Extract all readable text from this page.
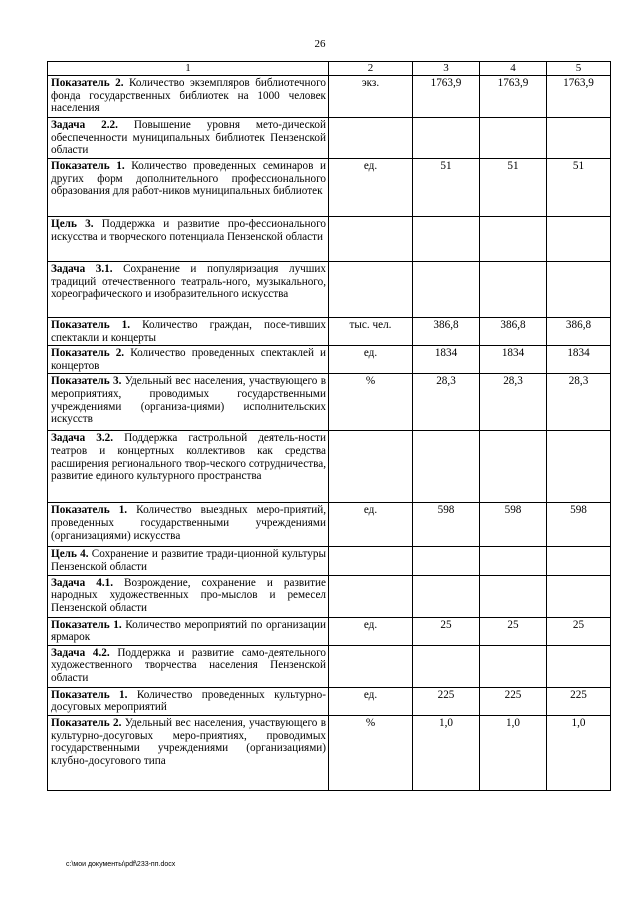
26
1	2	3	4	5
Показатель 2. Количество экземпляров библиотечного фонда государственных библиотек на 1000 человек населения	экз.	1763,9	1763,9	1763,9
Задача 2.2. Повышение уровня мето-дической обеспеченности муниципальных библиотек Пензенской области				
Показатель 1. Количество проведенных семинаров и других форм дополнительного профессионального образования для работ-ников муниципальных библиотек	ед.	51	51	51
Цель 3. Поддержка и развитие про-фессионального искусства и творческого потенциала Пензенской области				
Задача 3.1. Сохранение и популяризация лучших традиций отечественного театраль-ного, музыкального, хореографического и изобразительного искусства				
Показатель 1. Количество граждан, посе-тивших спектакли и концерты	тыс. чел.	386,8	386,8	386,8
Показатель 2. Количество проведенных спектаклей и концертов	ед.	1834	1834	1834
Показатель 3. Удельный вес населения, участвующего в мероприятиях, проводимых государственными учреждениями (организа-циями) исполнительских искусств	%	28,3	28,3	28,3
Задача 3.2. Поддержка гастрольной деятель-ности театров и концертных коллективов как средства расширения регионального твор-ческого сотрудничества, развитие единого культурного пространства				
Показатель 1. Количество выездных меро-приятий, проведенных государственными учреждениями (организациями) искусства	ед.	598	598	598
Цель 4. Сохранение и развитие тради-ционной культуры Пензенской области				
Задача 4.1. Возрождение, сохранение и развитие народных художественных про-мыслов и ремесел Пензенской области				
Показатель 1. Количество мероприятий по организации ярмарок	ед.	25	25	25
Задача 4.2. Поддержка и развитие само-деятельного художественного творчества населения Пензенской области				
Показатель 1. Количество проведенных культурно-досуговых мероприятий	ед.	225	225	225
Показатель 2. Удельный вес населения, участвующего в культурно-досуговых меро-приятиях, проводимых государственными учреждениями (организациями) клубно-досугового типа	%	1,0	1,0	1,0
c:\мои документы\pdf\233-пп.docx
